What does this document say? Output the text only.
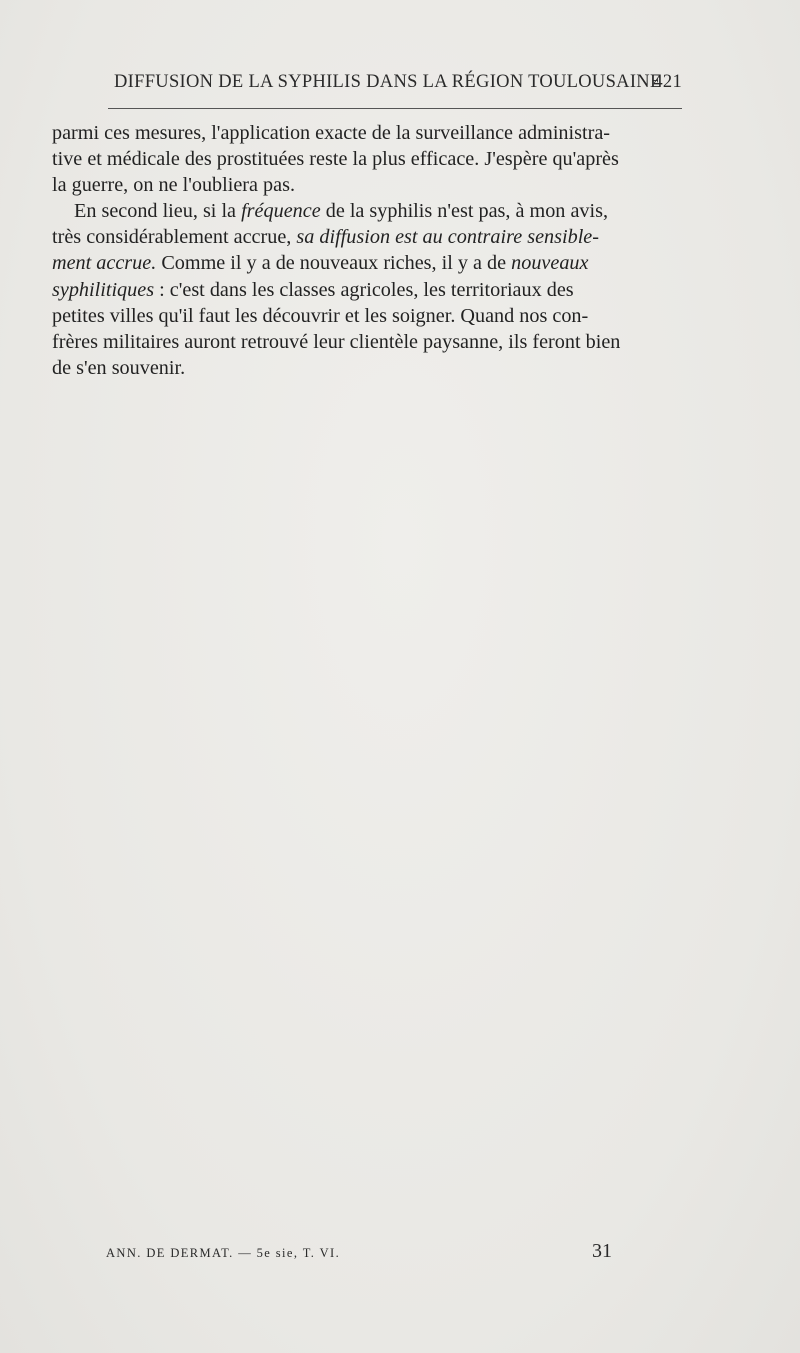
DIFFUSION DE LA SYPHILIS DANS LA RÉGION TOULOUSAINE
421
parmi ces mesures, l'application exacte de la surveillance administra-
tive et médicale des prostituées reste la plus efficace. J'espère qu'après
la guerre, on ne l'oubliera pas.
En second lieu, si la fréquence de la syphilis n'est pas, à mon avis,
très considérablement accrue, sa diffusion est au contraire sensible-
ment accrue. Comme il y a de nouveaux riches, il y a de nouveaux
syphilitiques : c'est dans les classes agricoles, les territoriaux des
petites villes qu'il faut les découvrir et les soigner. Quand nos con-
frères militaires auront retrouvé leur clientèle paysanne, ils feront bien
de s'en souvenir.
ANN. DE DERMAT. — 5e sie, T. VI.	31
